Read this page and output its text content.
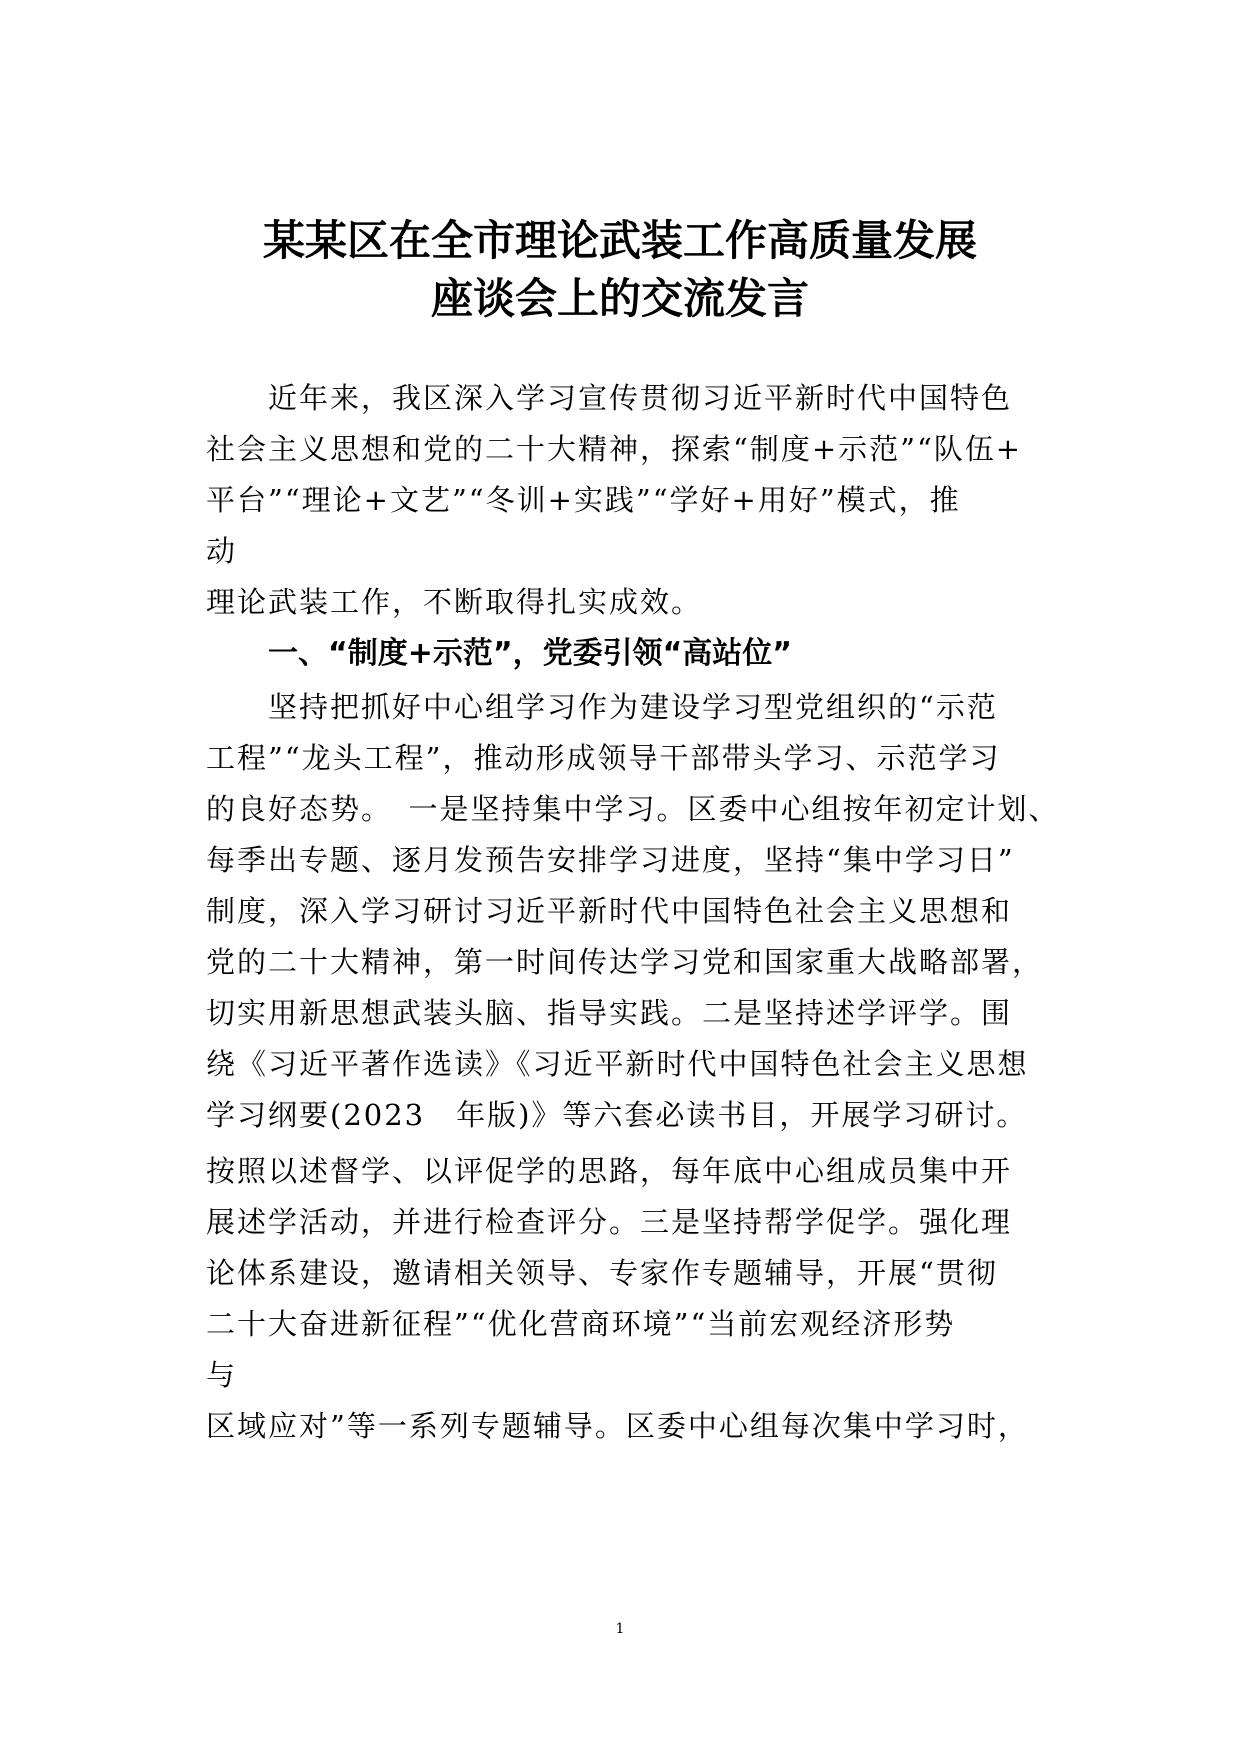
某某区在全市理论武装工作高质量发展
座谈会上的交流发言
　　近年来，我区深入学习宣传贯彻习近平新时代中国特色
社会主义思想和党的二十大精神，探索“制度+示范”“队伍+
平台”“理论+文艺”“冬训+实践”“学好+用好”模式，推
动
理论武装工作，不断取得扎实成效。
一、“制度+示范”，党委引领“高站位”
　　坚持把抓好中心组学习作为建设学习型党组织的“示范
工程”“龙头工程”，推动形成领导干部带头学习、示范学习
的良好态势。　一是坚持集中学习。区委中心组按年初定计划、
每季出专题、逐月发预告安排学习进度，坚持“集中学习日”
制度，深入学习研讨习近平新时代中国特色社会主义思想和
党的二十大精神，第一时间传达学习党和国家重大战略部署，
切实用新思想武装头脑、指导实践。二是坚持述学评学。围
绕《习近平著作选读》《习近平新时代中国特色社会主义思想
学习纲要(2023　年版)》等六套必读书目，开展学习研讨。
按照以述督学、以评促学的思路，每年底中心组成员集中开
展述学活动，并进行检查评分。三是坚持帮学促学。强化理
论体系建设，邀请相关领导、专家作专题辅导，开展“贯彻
二十大奋进新征程”“优化营商环境”“当前宏观经济形势
与
区域应对”等一系列专题辅导。区委中心组每次集中学习时，
1
